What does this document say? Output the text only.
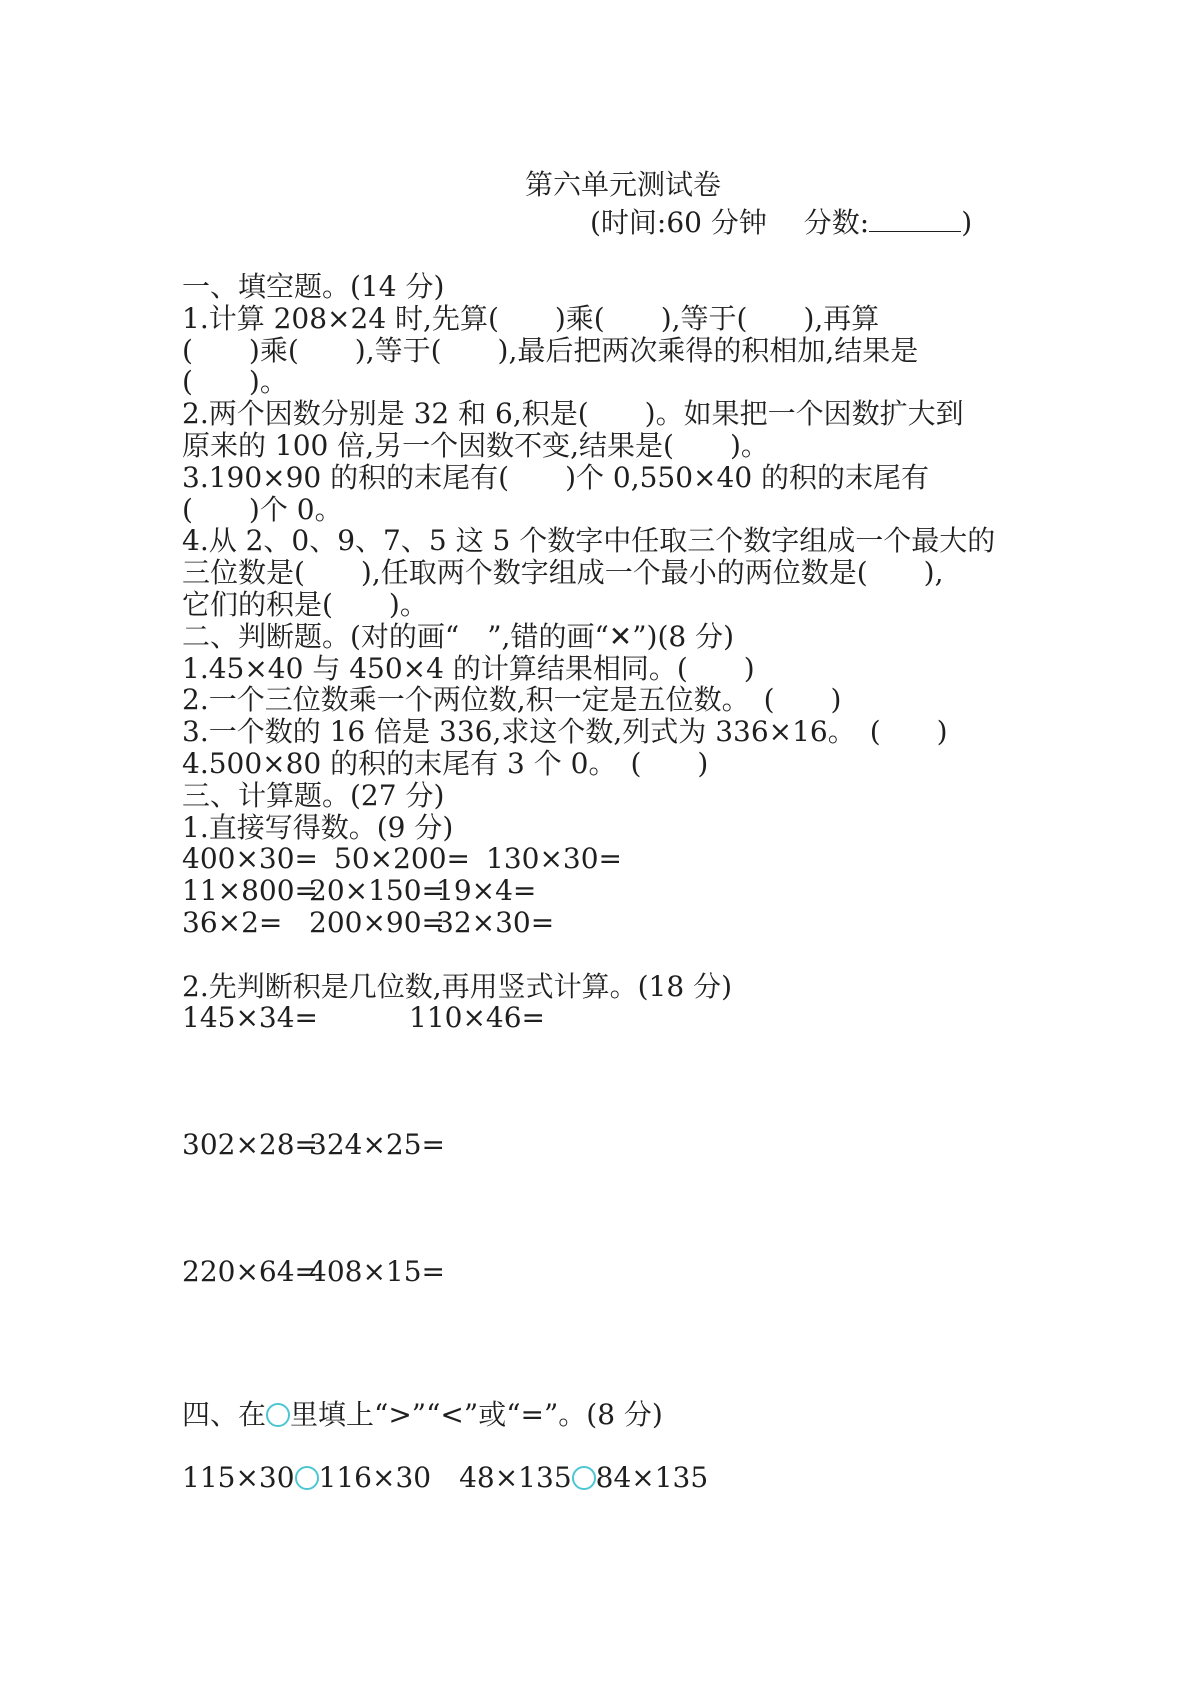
第六单元测试卷
(时间:60 分钟　 分数:	)
一、填空题。(14 分)
1.计算 208×24 时,先算(　　)乘(　　),等于(　　),再算
(　　)乘(　　),等于(　　),最后把两次乘得的积相加,结果是
(　　)。
2.两个因数分别是 32 和 6,积是(　　)。如果把一个因数扩大到
原来的 100 倍,另一个因数不变,结果是(　　)。
3.190×90 的积的末尾有(　　)个 0,550×40 的积的末尾有
(　　)个 0。
4.从 2、0、9、7、5 这 5 个数字中任取三个数字组成一个最大的
三位数是(　　),任取两个数字组成一个最小的两位数是(　　),
它们的积是(　　)。
二、判断题。(对的画“　”,错的画“✕”)(8 分)
1.45×40 与 450×4 的计算结果相同。(　　)
2.一个三位数乘一个两位数,积一定是五位数。　(　　)
3.一个数的 16 倍是 336,求这个数,列式为 336×16。　(　　)
4.500×80 的积的末尾有 3 个 0。　(　　)
三、计算题。(27 分)
1.直接写得数。(9 分)
400×30= 50×200= 130×30=
11×800=20×150=19×4=
36×2= 200×90=32×30=
2.先判断积是几位数,再用竖式计算。(18 分)
145×34=	110×46=
302×28=324×25=
220×64=408×15=
四、在 里填上“>”“<”或“=”。(8 分)
115×30 116×30 48×135 84×135
